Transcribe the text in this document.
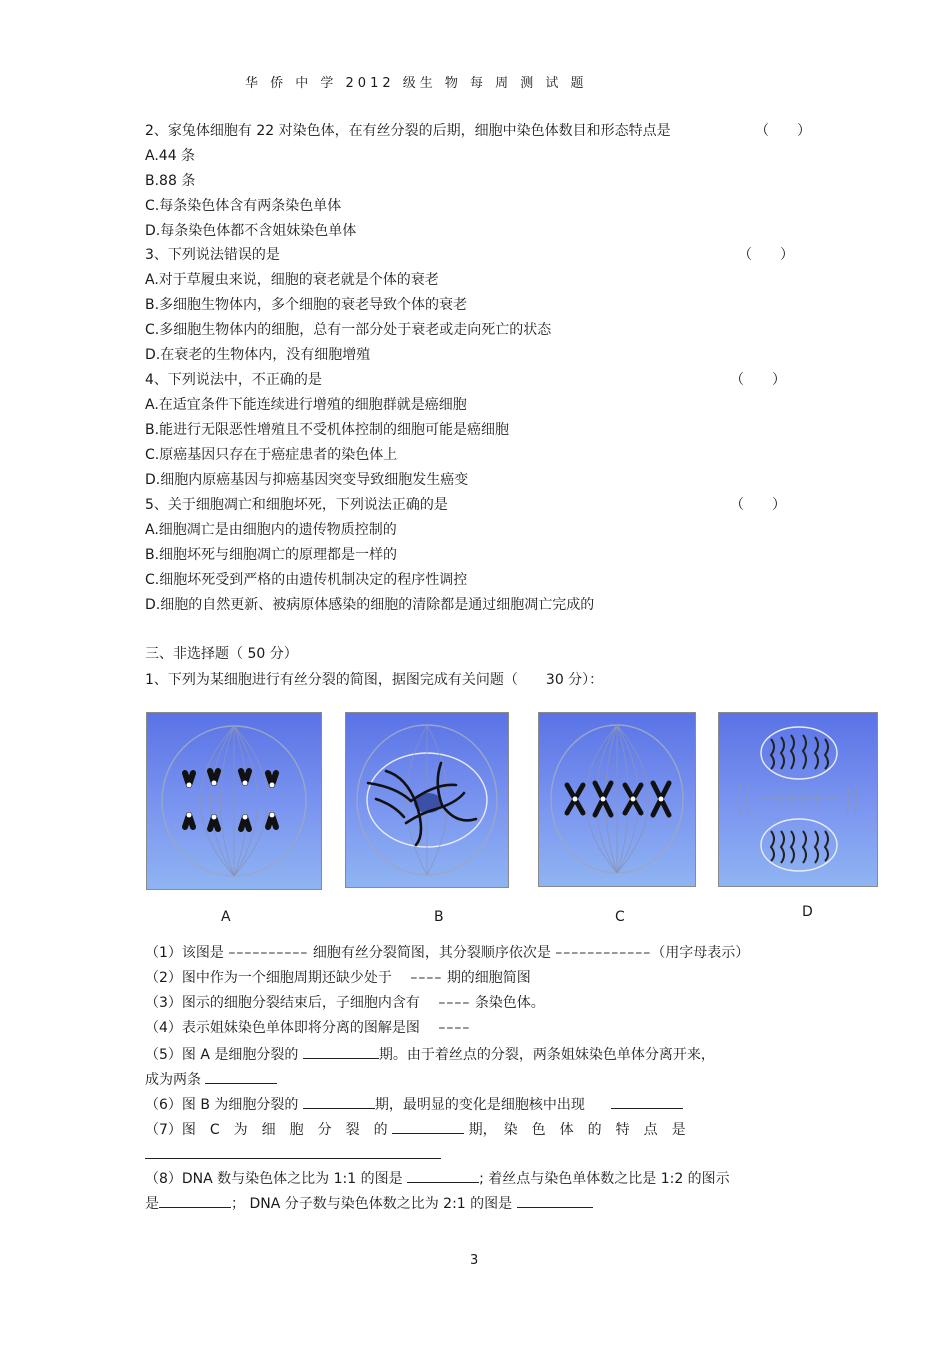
华 侨 中 学 2012 级生 物 每 周 测 试 题
2、家兔体细胞有 22 对染色体，在有丝分裂的后期，细胞中染色体数目和形态特点是	（　　）
A.44 条
B.88 条
C.每条染色体含有两条染色单体
D.每条染色体都不含姐妹染色单体
3、下列说法错误的是	（　　）
A.对于草履虫来说，细胞的衰老就是个体的衰老
B.多细胞生物体内，多个细胞的衰老导致个体的衰老
C.多细胞生物体内的细胞，总有一部分处于衰老或走向死亡的状态
D.在衰老的生物体内，没有细胞增殖
4、下列说法中，不正确的是	（　　）
A.在适宜条件下能连续进行增殖的细胞群就是癌细胞
B.能进行无限恶性增殖且不受机体控制的细胞可能是癌细胞
C.原癌基因只存在于癌症患者的染色体上
D.细胞内原癌基因与抑癌基因突变导致细胞发生癌变
5、关于细胞凋亡和细胞坏死，下列说法正确的是	（　　）
A.细胞凋亡是由细胞内的遗传物质控制的
B.细胞坏死与细胞凋亡的原理都是一样的
C.细胞坏死受到严格的由遗传机制决定的程序性调控
D.细胞的自然更新、被病原体感染的细胞的清除都是通过细胞凋亡完成的
三、非选择题（ 50 分）
1、下列为某细胞进行有丝分裂的简图，据图完成有关问题（　　30 分）：
A	B	C	D
（1）该图是 –––––––––– 细胞有丝分裂简图，其分裂顺序依次是 ––––––––––––（用字母表示）
（2）图中作为一个细胞周期还缺少处于 –––– 期的细胞简图
（3）图示的细胞分裂结束后，子细胞内含有 –––– 条染色体。
（4）表示姐妹染色单体即将分离的图解是图 ––––
（5）图 A 是细胞分裂的	期。由于着丝点的分裂，两条姐妹染色单体分离开来，
成为两条
（6）图 B 为细胞分裂的	期，最明显的变化是细胞核中出现
（7）图　C　为　细　胞　分　裂　的	期，　染　色　体　的　特　点　是
（8）DNA 数与染色体之比为 1:1 的图是	; 着丝点与染色单体数之比是 1:2 的图示
是	； DNA 分子数与染色体数之比为 2:1 的图是
3
